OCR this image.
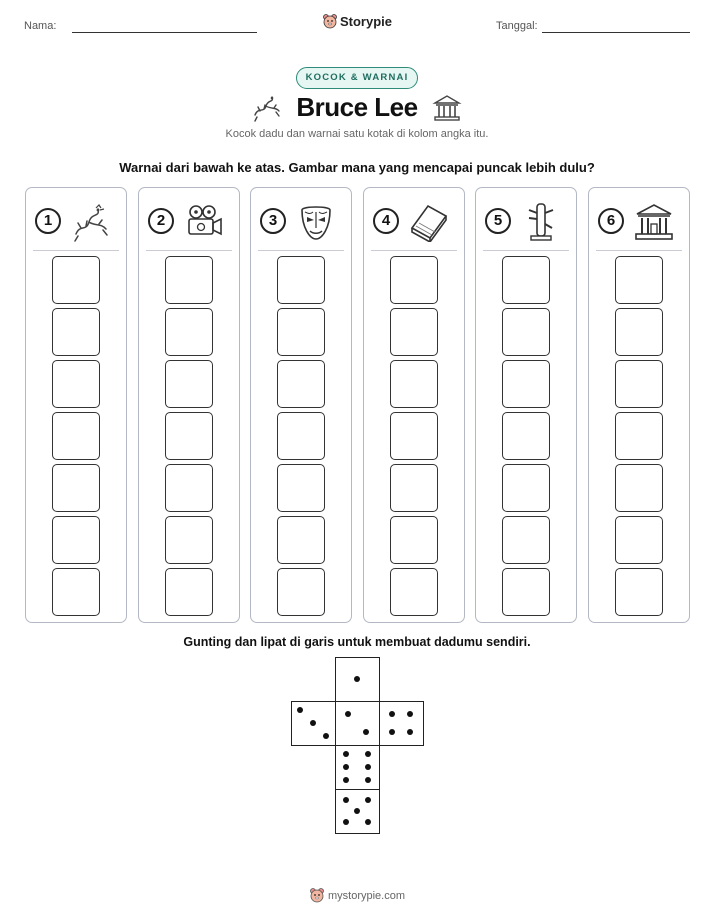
Nama:	Storypie	Tanggal:
KOCOK & WARNAI
Bruce Lee
Kocok dadu dan warnai satu kotak di kolom angka itu.
Warnai dari bawah ke atas. Gambar mana yang mencapai puncak lebih dulu?
1	2	3	4	5	6
Gunting dan lipat di garis untuk membuat dadumu sendiri.
mystorypie.com
